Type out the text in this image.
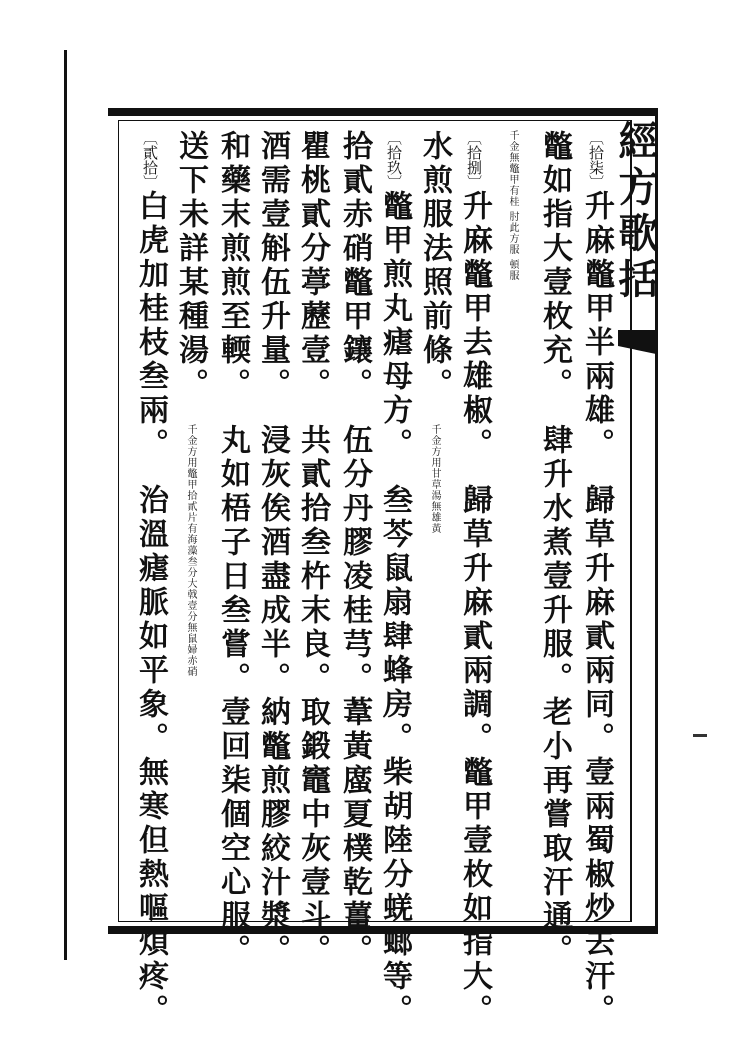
經方歌括
〔拾柒〕升麻鼈甲半兩雄。歸草升麻貳兩同。壹兩蜀椒炒去汗。
鼈如指大壹枚充。肆升水煮壹升服。老小再嘗取汗通。
千金無鼈甲有桂 肘此方服 頓服
〔拾捌〕升麻鼈甲去雄椒。歸草升麻貳兩調。鼈甲壹枚如指大。
水煎服法照前條。千金方用甘草湯無雄黃
〔拾玖〕鼈甲煎丸瘧母方。叁芩鼠扇肆蜂房。柴胡陸分蜣螂等。
拾貳赤硝鼈甲鑲。伍分丹膠凌桂芎。葦黃䗪夏樸乾薑。
瞿桃貳分葶藶壹。共貳拾叁杵末良。取鍛竈中灰壹斗。
酒需壹斛伍升量。浸灰俟酒盡成半。納鼈煎膠絞汁漿。
和藥末煎煎至輭。丸如梧子日叁嘗。壹回柒個空心服。
送下未詳某種湯。千金方用鼈甲拾貳片有海藻叁分大戟壹分無鼠婦赤硝
〔貳拾〕白虎加桂枝叁兩。治溫瘧脈如平象。無寒但熱嘔煩疼。
